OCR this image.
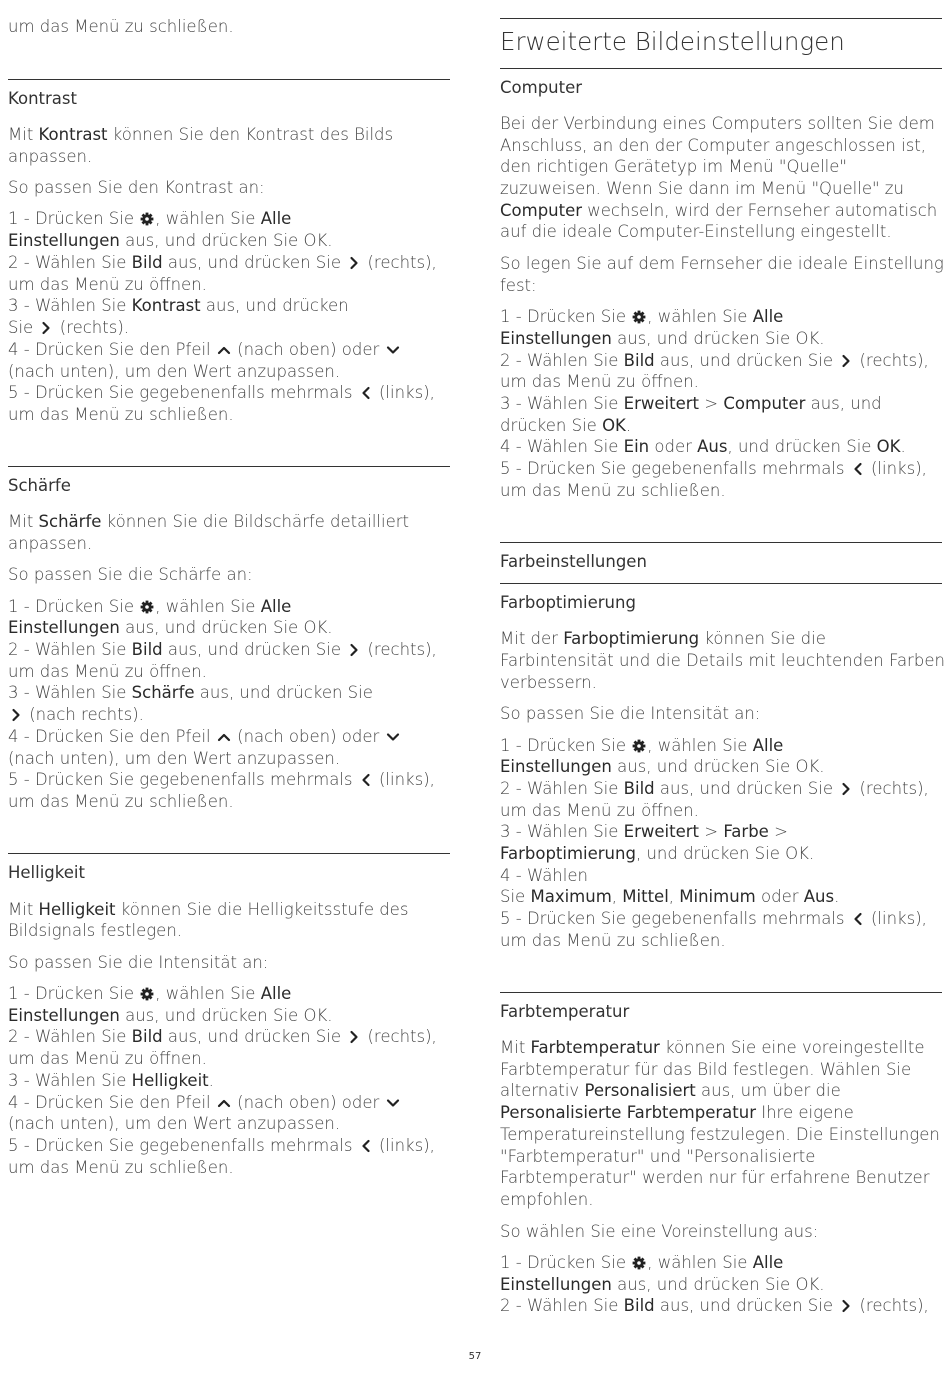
um das Menü zu schließen.
Kontrast
Mit Kontrast können Sie den Kontrast des Bilds
anpassen.
So passen Sie den Kontrast an:
1 - Drücken Sie
, wählen Sie Alle
Einstellungen aus, und drücken Sie OK.
2 - Wählen Sie Bild aus, und drücken Sie
(rechts),
um das Menü zu öffnen.
3 - Wählen Sie Kontrast aus, und drücken
Sie
(rechts).
4 - Drücken Sie den Pfeil
(nach oben) oder
(nach unten), um den Wert anzupassen.
5 - Drücken Sie gegebenenfalls mehrmals
(links),
um das Menü zu schließen.
Schärfe
Mit Schärfe können Sie die Bildschärfe detailliert
anpassen.
So passen Sie die Schärfe an:
1 - Drücken Sie
, wählen Sie Alle
Einstellungen aus, und drücken Sie OK.
2 - Wählen Sie Bild aus, und drücken Sie
(rechts),
um das Menü zu öffnen.
3 - Wählen Sie Schärfe aus, und drücken Sie
(nach rechts).
4 - Drücken Sie den Pfeil
(nach oben) oder
(nach unten), um den Wert anzupassen.
5 - Drücken Sie gegebenenfalls mehrmals
(links),
um das Menü zu schließen.
Helligkeit
Mit Helligkeit können Sie die Helligkeitsstufe des
Bildsignals festlegen.
So passen Sie die Intensität an:
1 - Drücken Sie
, wählen Sie Alle
Einstellungen aus, und drücken Sie OK.
2 - Wählen Sie Bild aus, und drücken Sie
(rechts),
um das Menü zu öffnen.
3 - Wählen Sie Helligkeit.
4 - Drücken Sie den Pfeil
(nach oben) oder
(nach unten), um den Wert anzupassen.
5 - Drücken Sie gegebenenfalls mehrmals
(links),
um das Menü zu schließen.
Erweiterte Bildeinstellungen
Computer
Bei der Verbindung eines Computers sollten Sie dem
Anschluss, an den der Computer angeschlossen ist,
den richtigen Gerätetyp im Menü "Quelle"
zuzuweisen. Wenn Sie dann im Menü "Quelle" zu
Computer wechseln, wird der Fernseher automatisch
auf die ideale Computer-Einstellung eingestellt.
So legen Sie auf dem Fernseher die ideale Einstellung
fest:
1 - Drücken Sie
, wählen Sie Alle
Einstellungen aus, und drücken Sie OK.
2 - Wählen Sie Bild aus, und drücken Sie
(rechts),
um das Menü zu öffnen.
3 - Wählen Sie Erweitert > Computer aus, und
drücken Sie OK.
4 - Wählen Sie Ein oder Aus, und drücken Sie OK.
5 - Drücken Sie gegebenenfalls mehrmals
(links),
um das Menü zu schließen.
Farbeinstellungen
Farboptimierung
Mit der Farboptimierung können Sie die
Farbintensität und die Details mit leuchtenden Farben
verbessern.
So passen Sie die Intensität an:
1 - Drücken Sie
, wählen Sie Alle
Einstellungen aus, und drücken Sie OK.
2 - Wählen Sie Bild aus, und drücken Sie
(rechts),
um das Menü zu öffnen.
3 - Wählen Sie Erweitert > Farbe >
Farboptimierung, und drücken Sie OK.
4 - Wählen
Sie Maximum, Mittel, Minimum oder Aus.
5 - Drücken Sie gegebenenfalls mehrmals
(links),
um das Menü zu schließen.
Farbtemperatur
Mit Farbtemperatur können Sie eine voreingestellte
Farbtemperatur für das Bild festlegen. Wählen Sie
alternativ Personalisiert aus, um über die
Personalisierte Farbtemperatur Ihre eigene
Temperatureinstellung festzulegen. Die Einstellungen
"Farbtemperatur" und "Personalisierte
Farbtemperatur" werden nur für erfahrene Benutzer
empfohlen.
So wählen Sie eine Voreinstellung aus:
1 - Drücken Sie
, wählen Sie Alle
Einstellungen aus, und drücken Sie OK.
2 - Wählen Sie Bild aus, und drücken Sie
(rechts),
57
